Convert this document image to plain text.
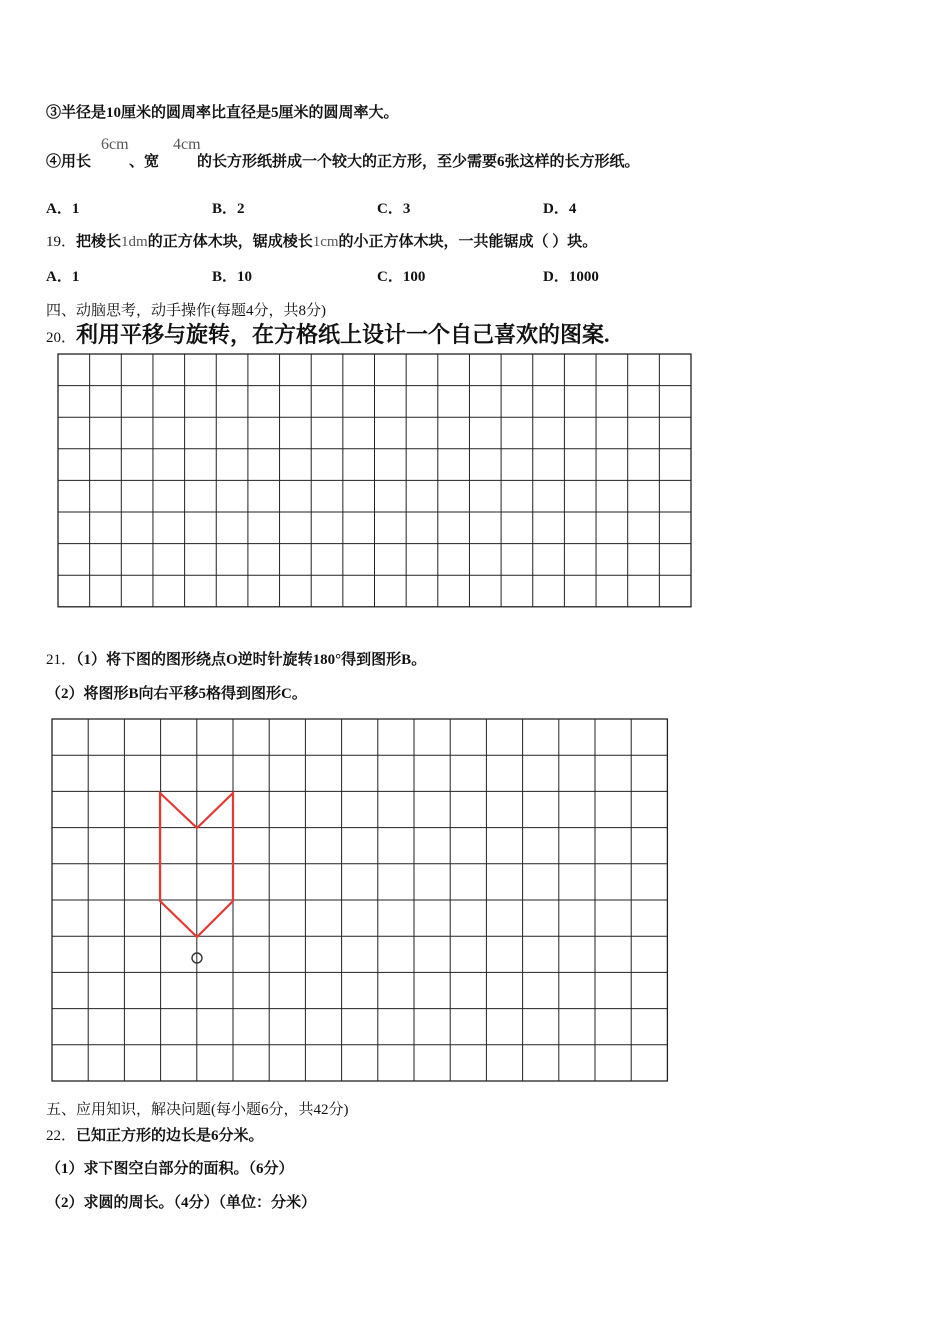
③半径是10厘米的圆周率比直径是5厘米的圆周率大。
④用长	、宽	的长方形纸拼成一个较大的正方形，至少需要6张这样的长方形纸。
6cm	4cm
A．1	B．2	C．3	D．4
19．把棱长1dm的正方体木块，锯成棱长1cm的小正方体木块，一共能锯成（ ）块。
A．1	B．10	C．100	D．1000
四、动脑思考，动手操作(每题4分，共8分)
20．利用平移与旋转，在方格纸上设计一个自己喜欢的图案.
21．（1）将下图的图形绕点O逆时针旋转180°得到图形B。
（2）将图形B向右平移5格得到图形C。
五、应用知识，解决问题(每小题6分，共42分)
22．已知正方形的边长是6分米。
（1）求下图空白部分的面积。（6分）
（2）求圆的周长。（4分）（单位：分米）
